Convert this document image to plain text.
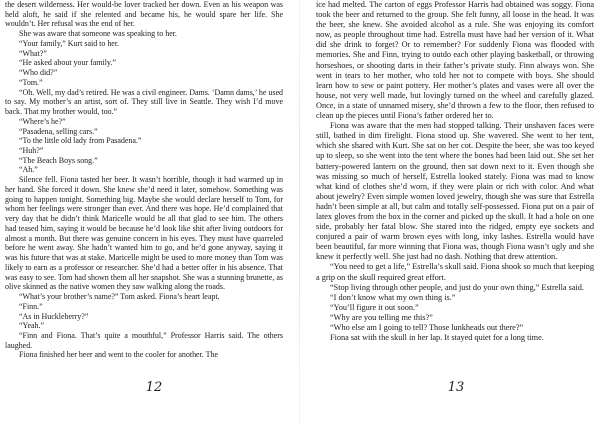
the desert wilderness. Her would-be lover tracked her down. Even as his weapon was held aloft, he said if she relented and became his, he would spare her life. She wouldn’t. Her refusal was the end of her.

She was aware that someone was speaking to her.

“Your family,” Kurt said to her.

“What?”

“He asked about your family.”

“Who did?”

“Tom.”

“Oh. Well, my dad’s retired. He was a civil engineer. Dams. ‘Damn dams,’ he used to say. My mother’s an artist, sort of. They still live in Seattle. They wish I’d move back. That my brother would, too.”

“Where’s he?”

“Pasadena, selling cars.”

“To the little old lady from Pasadena.”

“Huh?”

“The Beach Boys song.”

“Ah.”

Silence fell. Fiona tasted her beer. It wasn’t horrible, though it had warmed up in her hand. She forced it down. She knew she’d need it later, somehow. Something was going to happen tonight. Something big. Maybe she would declare herself to Tom, for whom her feelings were stronger than ever. And there was hope. He’d complained that very day that he didn’t think Maricelle would be all that glad to see him. The others had teased him, saying it would be because he’d look like shit after living outdoors for almost a month. But there was genuine concern in his eyes. They must have quarreled before he went away. She hadn’t wanted him to go, and he’d gone anyway, saying it was his future that was at stake. Maricelle might be used to more money than Tom was likely to earn as a professor or researcher. She’d had a better offer in his absence. That was easy to see. Tom had shown them all her snapshot. She was a stunning brunette, as olive skinned as the native women they saw walking along the roads.

“What’s your brother’s name?” Tom asked. Fiona’s heart leapt.

“Finn.”

“As in Huckleberry?”

“Yeah.”

“Finn and Fiona. That’s quite a mouthful,” Professor Harris said. The others laughed.

Fiona finished her beer and went to the cooler for another. The

12

ice had melted. The carton of eggs Professor Harris had obtained was soggy. Fiona took the beer and returned to the group. She felt funny, all loose in the head. It was the beer, she knew. She avoided alcohol as a rule. She was enjoying its comfort now, as people throughout time had. Estrella must have had her version of it. What did she drink to forget? Or to remember? For suddenly Fiona was flooded with memories. She and Finn, trying to outdo each other playing basketball, or throwing horseshoes, or shooting darts in their father’s private study. Finn always won. She went in tears to her mother, who told her not to compete with boys. She should learn how to sew or paint pottery. Her mother’s plates and vases were all over the house, not very well made, but lovingly turned on the wheel and carefully glazed. Once, in a state of unnamed misery, she’d thrown a few to the floor, then refused to clean up the pieces until Fiona’s father ordered her to.

Fiona was aware that the men had stopped talking. Their unshaven faces were still, bathed in dim firelight. Fiona stood up. She wavered. She went to her tent, which she shared with Kurt. She sat on her cot. Despite the beer, she was too keyed up to sleep, so she went into the tent where the bones had been laid out. She set her battery-powered lantern on the ground, then sat down next to it. Even though she was missing so much of herself, Estrella looked stately. Fiona was mad to know what kind of clothes she’d worn, if they were plain or rich with color. And what about jewelry? Even simple women loved jewelry, though she was sure that Estrella hadn’t been simple at all, but calm and totally self-possessed. Fiona put on a pair of latex gloves from the box in the corner and picked up the skull. It had a hole on one side, probably her fatal blow. She stared into the ridged, empty eye sockets and conjured a pair of warm brown eyes with long, inky lashes. Estrella would have been beautiful, far more winning that Fiona was, though Fiona wasn’t ugly and she knew it perfectly well. She just had no dash. Nothing that drew attention.

“You need to get a life,” Estrella’s skull said. Fiona shook so much that keeping a grip on the skull required great effort.

“Stop living through other people, and just do your own thing,” Estrella said.

“I don’t know what my own thing is.”

“You’ll figure it out soon.”

“Why are you telling me this?”

“Who else am I going to tell? Those lunkheads out there?”

Fiona sat with the skull in her lap. It stayed quiet for a long time.

13
